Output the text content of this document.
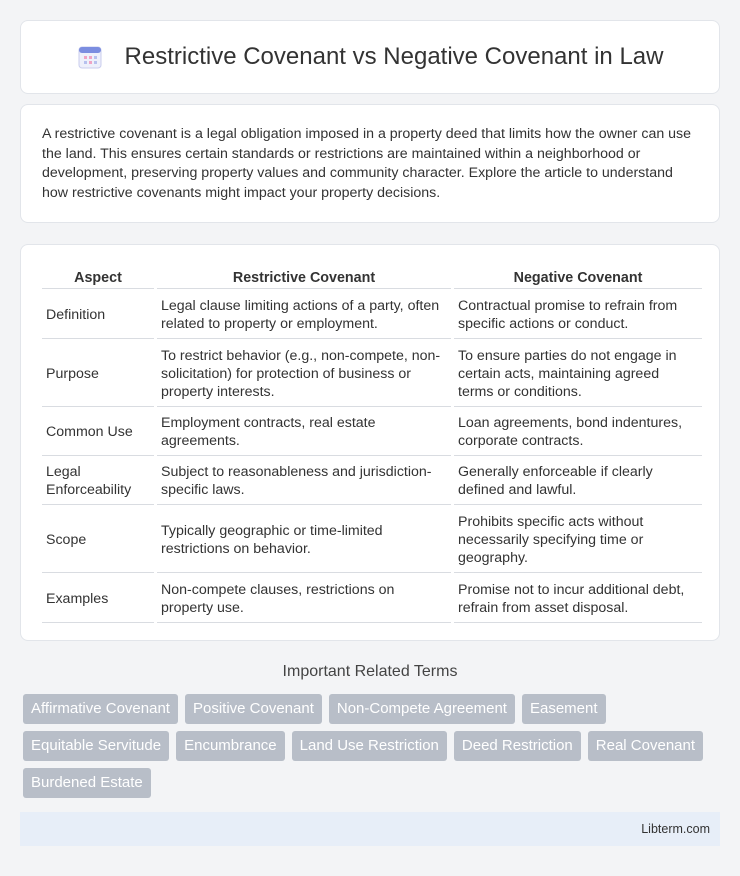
Restrictive Covenant vs Negative Covenant in Law

A restrictive covenant is a legal obligation imposed in a property deed that limits how the owner can use the land. This ensures certain standards or restrictions are maintained within a neighborhood or development, preserving property values and community character. Explore the article to understand how restrictive covenants might impact your property decisions.

Aspect	Restrictive Covenant	Negative Covenant
Definition	Legal clause limiting actions of a party, often related to property or employment.	Contractual promise to refrain from specific actions or conduct.
Purpose	To restrict behavior (e.g., non-compete, non-solicitation) for protection of business or property interests.	To ensure parties do not engage in certain acts, maintaining agreed terms or conditions.
Common Use	Employment contracts, real estate agreements.	Loan agreements, bond indentures, corporate contracts.
Legal Enforceability	Subject to reasonableness and jurisdiction-specific laws.	Generally enforceable if clearly defined and lawful.
Scope	Typically geographic or time-limited restrictions on behavior.	Prohibits specific acts without necessarily specifying time or geography.
Examples	Non-compete clauses, restrictions on property use.	Promise not to incur additional debt, refrain from asset disposal.
Important Related Terms
Affirmative Covenant	Positive Covenant	Non-Compete Agreement	Easement
Equitable Servitude	Encumbrance	Land Use Restriction	Deed Restriction	Real Covenant
Burdened Estate
Libterm.com
